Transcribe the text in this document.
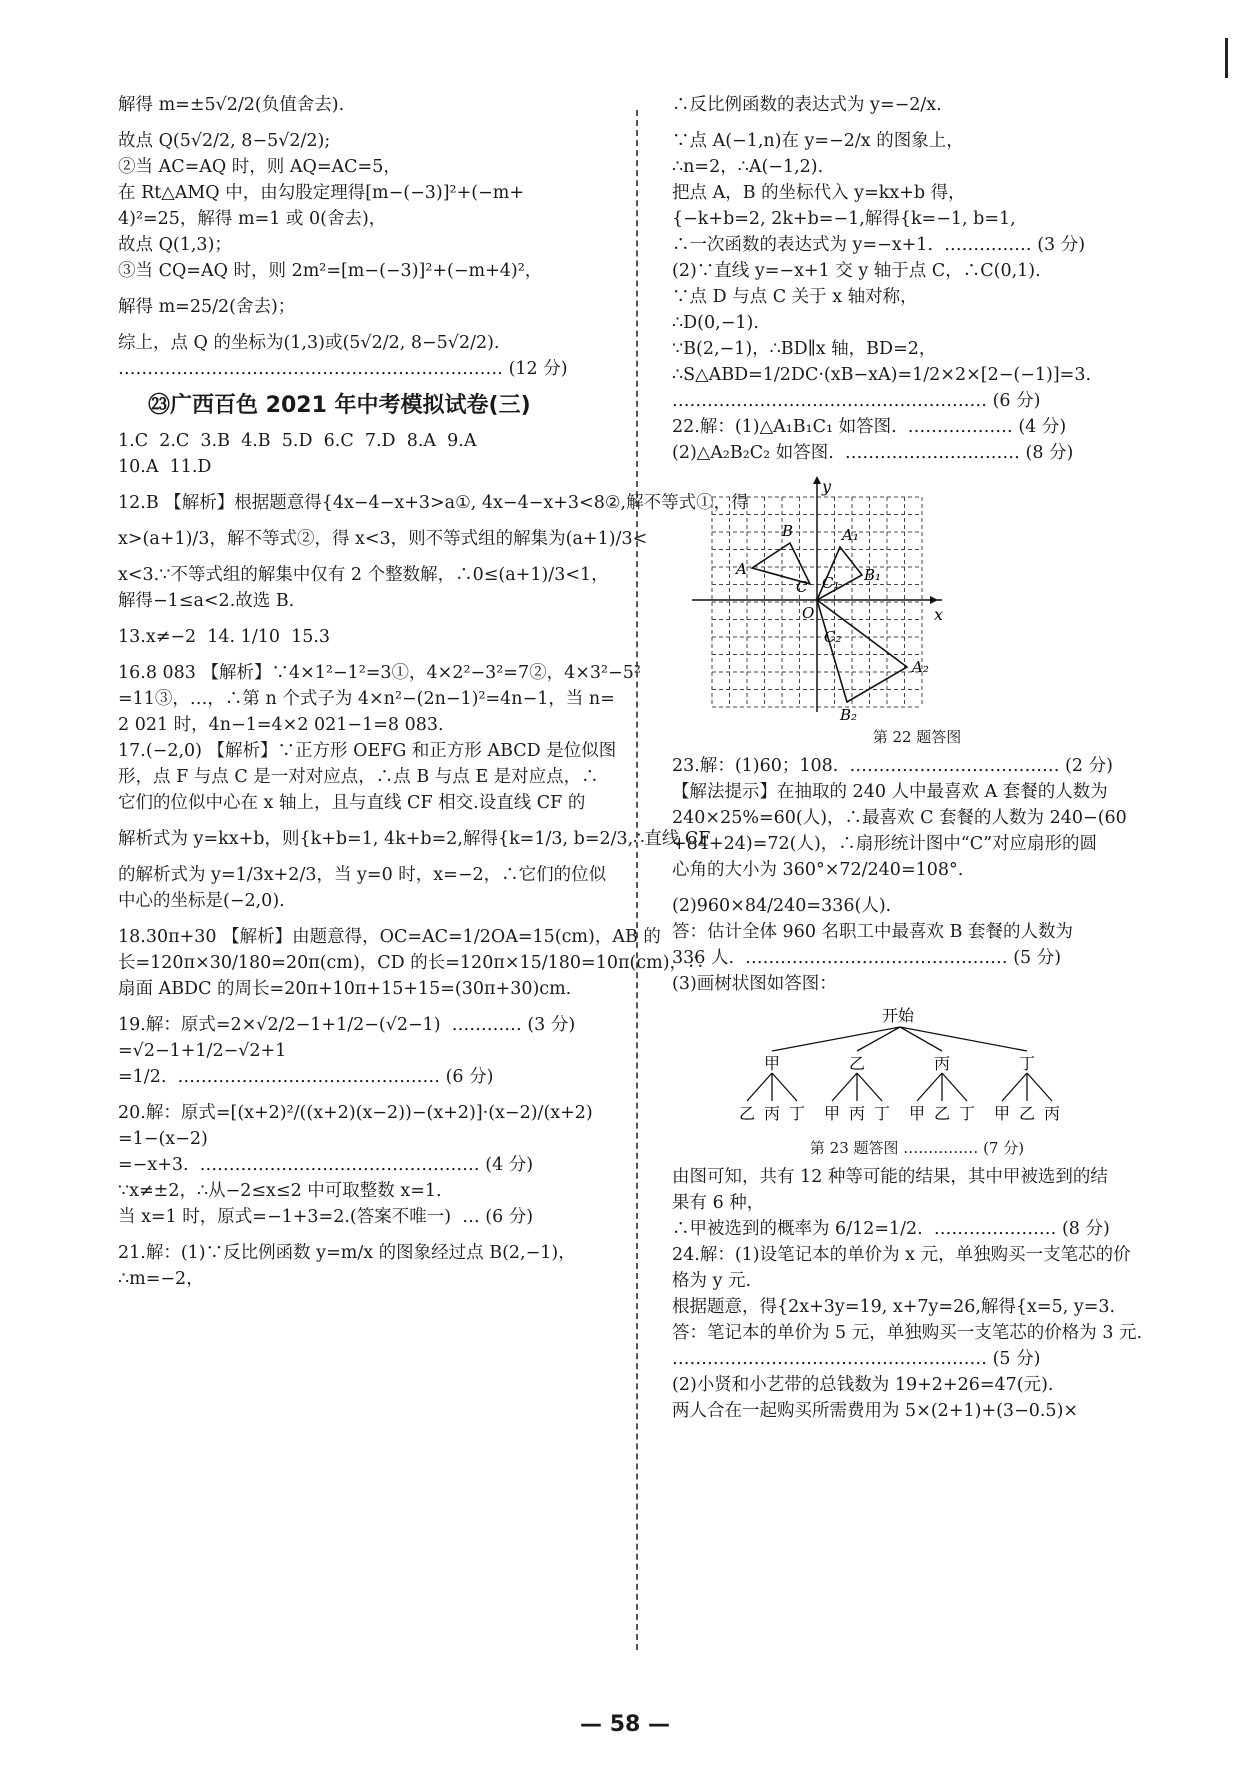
解得 m=±5√2/2(负值舍去).

故点 Q(5√2/2, 8−5√2/2);

②当 AC=AQ 时，则 AQ=AC=5，

在 Rt△AMQ 中，由勾股定理得[m−(−3)]²+(−m+

4)²=25，解得 m=1 或 0(舍去)，

故点 Q(1,3)；

③当 CQ=AQ 时，则 2m²=[m−(−3)]²+(−m+4)²，

解得 m=25/2(舍去)；

综上，点 Q 的坐标为(1,3)或(5√2/2, 8−5√2/2).

………………………………………………………… (12 分)

㉓广西百色 2021 年中考模拟试卷(三)

1.C  2.C  3.B  4.B  5.D  6.C  7.D  8.A  9.A

10.A  11.D

12.B 【解析】根据题意得{4x−4−x+3>a①, 4x−4−x+3<8②,解不等式①，得

x>(a+1)/3，解不等式②，得 x<3，则不等式组的解集为(a+1)/3<

x<3.∵不等式组的解集中仅有 2 个整数解，∴0≤(a+1)/3<1，

解得−1≤a<2.故选 B.

13.x≠−2  14. 1/10  15.3

16.8 083 【解析】∵4×1²−1²=3①，4×2²−3²=7②，4×3²−5²

=11③，…，∴第 n 个式子为 4×n²−(2n−1)²=4n−1，当 n=

2 021 时，4n−1=4×2 021−1=8 083.

17.(−2,0) 【解析】∵正方形 OEFG 和正方形 ABCD 是位似图

形，点 F 与点 C 是一对对应点，∴点 B 与点 E 是对应点，∴

它们的位似中心在 x 轴上，且与直线 CF 相交.设直线 CF 的

解析式为 y=kx+b，则{k+b=1, 4k+b=2,解得{k=1/3, b=2/3,∴直线 CF

的解析式为 y=1/3x+2/3，当 y=0 时，x=−2，∴它们的位似

中心的坐标是(−2,0).

18.30π+30 【解析】由题意得，OC=AC=1/2OA=15(cm)，AB 的

长=120π×30/180=20π(cm)，CD 的长=120π×15/180=10π(cm)，∴

扇面 ABDC 的周长=20π+10π+15+15=(30π+30)cm.

19.解：原式=2×√2/2−1+1/2−(√2−1)  ………… (3 分)

=√2−1+1/2−√2+1

=1/2.  ……………………………………… (6 分)

20.解：原式=[(x+2)²/((x+2)(x−2))−(x+2)]·(x−2)/(x+2)

=1−(x−2)

=−x+3.  ………………………………………… (4 分)

∵x≠±2，∴从−2≤x≤2 中可取整数 x=1.

当 x=1 时，原式=−1+3=2.(答案不唯一)  … (6 分)

21.解：(1)∵反比例函数 y=m/x 的图象经过点 B(2,−1)，

∴m=−2，

∴反比例函数的表达式为 y=−2/x.

∵点 A(−1,n)在 y=−2/x 的图象上，

∴n=2，∴A(−1,2).

把点 A，B 的坐标代入 y=kx+b 得，

{−k+b=2, 2k+b=−1,解得{k=−1, b=1,

∴一次函数的表达式为 y=−x+1.  …………… (3 分)

(2)∵直线 y=−x+1 交 y 轴于点 C，∴C(0,1).

∵点 D 与点 C 关于 x 轴对称，

∴D(0,−1).

∵B(2,−1)，∴BD∥x 轴，BD=2，

∴S△ABD=1/2DC·(xB−xA)=1/2×2×[2−(−1)]=3.

……………………………………………… (6 分)

22.解：(1)△A₁B₁C₁ 如答图.  ……………… (4 分)

(2)△A₂B₂C₂ 如答图.  ………………………… (8 分)

y
x
O
A
B
C
A₁
B₁
C₁
A₂
B₂
C₂
第 22 题答图

23.解：(1)60；108.  ……………………………… (2 分)

【解法提示】在抽取的 240 人中最喜欢 A 套餐的人数为

240×25%=60(人)，∴最喜欢 C 套餐的人数为 240−(60

+84+24)=72(人)，∴扇形统计图中“C”对应扇形的圆

心角的大小为 360°×72/240=108°.

(2)960×84/240=336(人).

答：估计全体 960 名职工中最喜欢 B 套餐的人数为

336 人.  ……………………………………… (5 分)

(3)画树状图如答图：

开始
甲	乙	丙	丁
乙 丙 丁 甲 丙 丁 甲 乙 丁 甲 乙 丙
第 23 题答图 …………… (7 分)

由图可知，共有 12 种等可能的结果，其中甲被选到的结

果有 6 种，

∴甲被选到的概率为 6/12=1/2.  ………………… (8 分)

24.解：(1)设笔记本的单价为 x 元，单独购买一支笔芯的价

格为 y 元.

根据题意，得{2x+3y=19, x+7y=26,解得{x=5, y=3.

答：笔记本的单价为 5 元，单独购买一支笔芯的价格为 3 元.

……………………………………………… (5 分)

(2)小贤和小艺带的总钱数为 19+2+26=47(元).

两人合在一起购买所需费用为 5×(2+1)+(3−0.5)×

— 58 —
